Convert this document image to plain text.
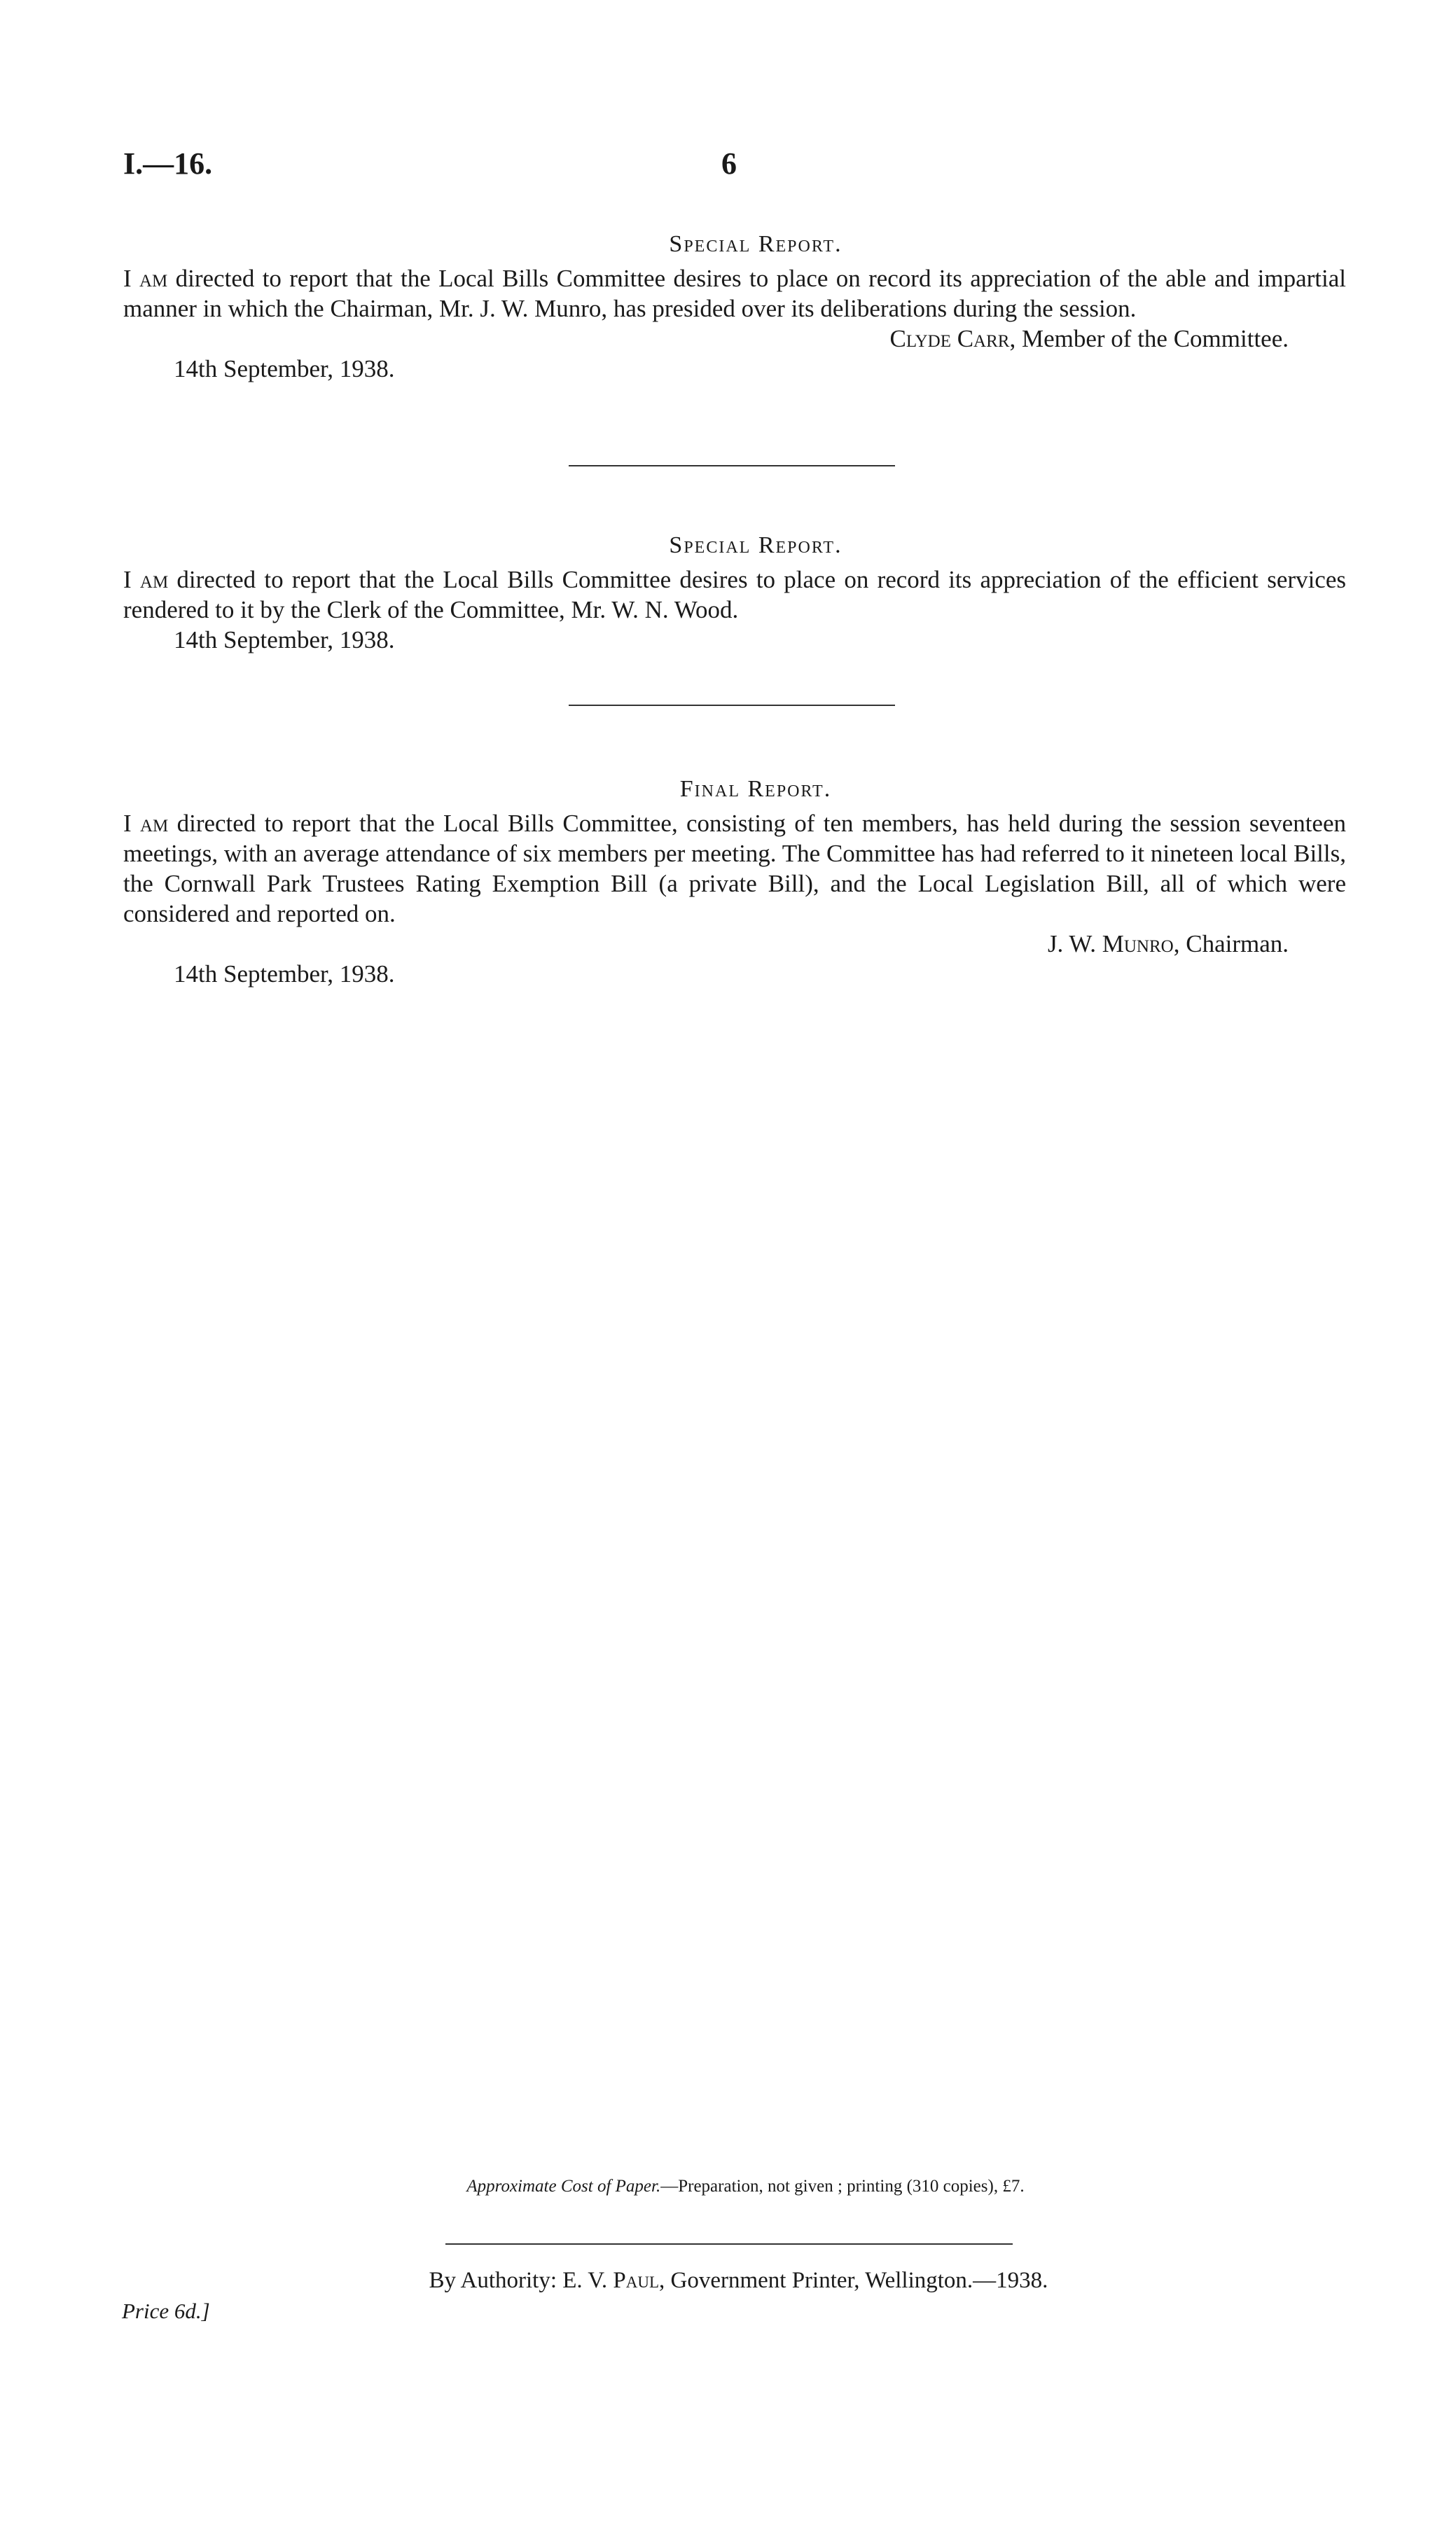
I.—16.	6
Special Report.

I am directed to report that the Local Bills Committee desires to place on record its appreciation of the able and impartial manner in which the Chairman, Mr. J. W. Munro, has presided over its deliberations during the session.

Clyde Carr, Member of the Committee.
14th September, 1938.
Special Report.

I am directed to report that the Local Bills Committee desires to place on record its appreciation of the efficient services rendered to it by the Clerk of the Committee, Mr. W. N. Wood.

14th September, 1938.
Final Report.

I am directed to report that the Local Bills Committee, consisting of ten members, has held during the session seventeen meetings, with an average attendance of six members per meeting. The Committee has had referred to it nineteen local Bills, the Cornwall Park Trustees Rating Exemption Bill (a private Bill), and the Local Legislation Bill, all of which were considered and reported on.

J. W. Munro, Chairman.
14th September, 1938.
Approximate Cost of Paper.—Preparation, not given ; printing (310 copies), £7.
By Authority: E. V. Paul, Government Printer, Wellington.—1938.
Price 6d.]
